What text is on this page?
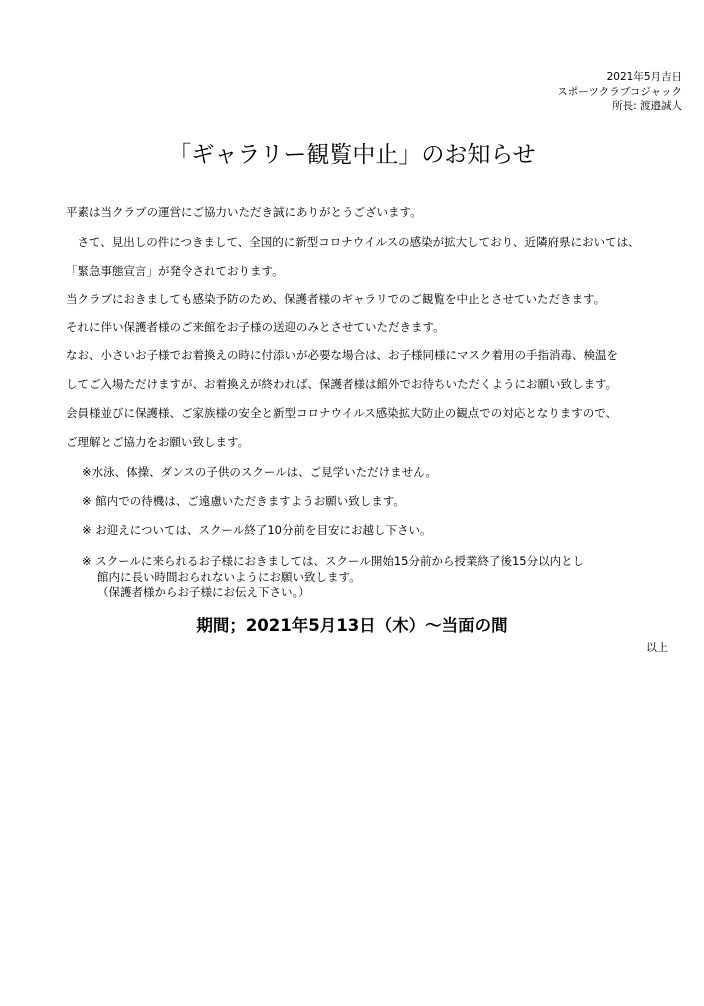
2021年5月吉日
スポーツクラブコジャック
所長: 渡邉誠人
「ギャラリー観覧中止」のお知らせ
平素は当クラブの運営にご協力いただき誠にありがとうございます。
　さて、見出しの件につきまして、全国的に新型コロナウイルスの感染が拡大しており、近隣府県においては、
「緊急事態宣言」が発令されております。
当クラブにおきましても感染予防のため、保護者様のギャラリでのご観覧を中止とさせていただきます。
それに伴い保護者様のご来館をお子様の送迎のみとさせていただきます。
なお、小さいお子様でお着換えの時に付添いが必要な場合は、お子様同様にマスク着用の手指消毒、検温を
してご入場ただけますが、お着換えが終われば、保護者様は館外でお待ちいただくようにお願い致します。
会員様並びに保護様、ご家族様の安全と新型コロナウイルス感染拡大防止の観点での対応となりますので、
ご理解とご協力をお願い致します。
※水泳、体操、ダンスの子供のスクールは、ご見学いただけません。
※ 館内での待機は、ご遠慮いただきますようお願い致します。
※ お迎えについては、スクール終了10分前を目安にお越し下さい。
※ スクールに来られるお子様におきましては、スクール開始15分前から授業終了後15分以内とし
館内に長い時間おられないようにお願い致します。
（保護者様からお子様にお伝え下さい。）
期間；2021年5月13日（木）～当面の間
以上
